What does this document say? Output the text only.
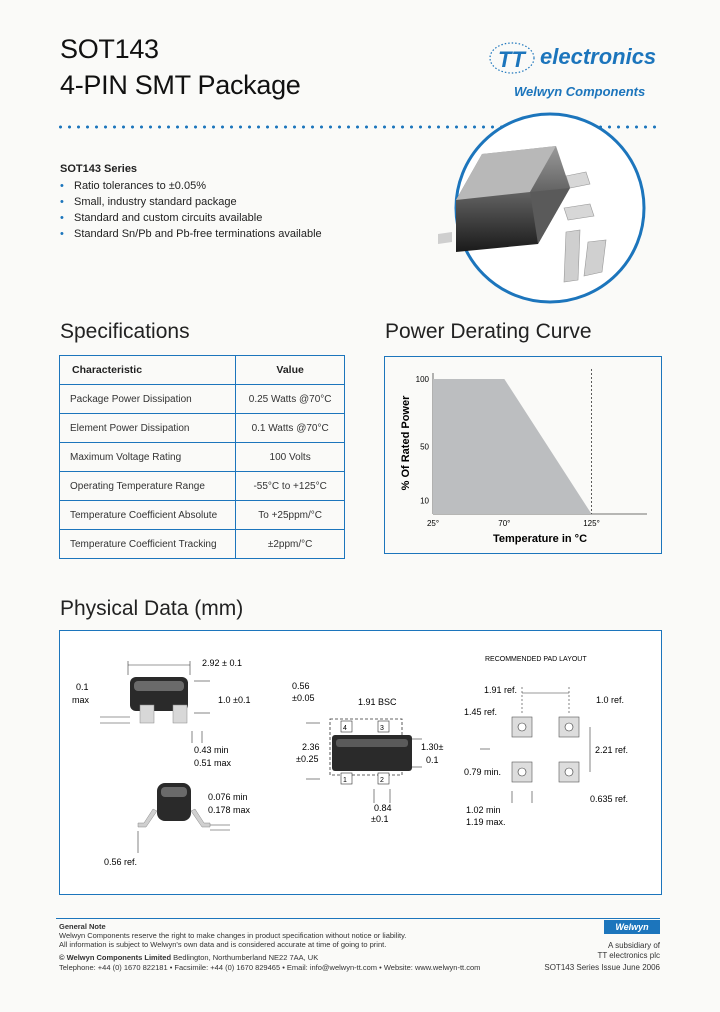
SOT143
4-PIN SMT Package
TT electronics
Welwyn Components
SOT143 Series
• Ratio tolerances to ±0.05%
• Small, industry standard package
• Standard and custom circuits available
• Standard Sn/Pb and Pb-free terminations available
Specifications
Characteristic	Value
Package Power Dissipation	0.25 Watts @70°C
Element Power Dissipation	0.1 Watts @70°C
Maximum Voltage Rating	100 Volts
Operating Temperature Range	-55°C to +125°C
Temperature Coefficient Absolute	To +25ppm/°C
Temperature Coefficient Tracking	±2ppm/°C
Power Derating Curve
100
50
10
25°	70°	125°
Temperature in °C
% Of Rated Power
Physical Data (mm)
2.92 ± 0.1
0.1
max	1.0 ±0.1
0.43 min
0.51 max
0.076 min
0.178 max
0.56 ref.
4	3
1	2
0.56
±0.05	1.91 BSC
2.36
±0.25
1.30±
0.1
0.84
±0.1
RECOMMENDED PAD LAYOUT
1.91 ref.
1.0 ref.
1.45 ref.
2.21 ref.
0.79 min.
0.635 ref.
1.02 min
1.19 max.
General Note
Welwyn Components reserve the right to make changes in product specification without notice or liability.
All information is subject to Welwyn's own data and is considered accurate at time of going to print.
© Welwyn Components Limited Bedlington, Northumberland NE22 7AA, UK
Telephone: +44 (0) 1670 822181 • Facsimile: +44 (0) 1670 829465 • Email: info@welwyn-tt.com • Website: www.welwyn-tt.com
Welwyn
A subsidiary of
TT electronics plc
SOT143 Series Issue June 2006
